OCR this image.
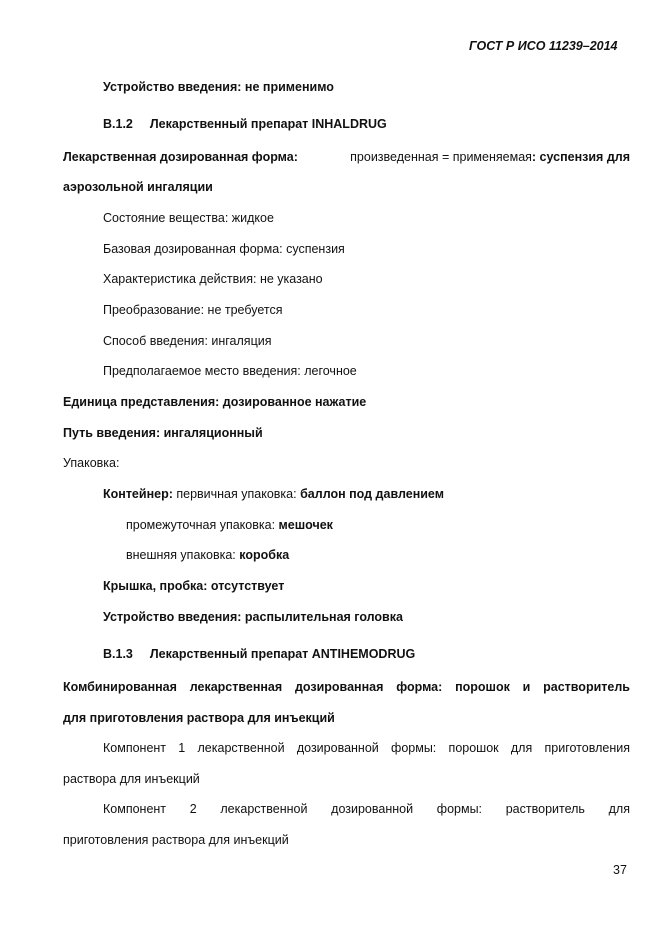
ГОСТ Р ИСО 11239–2014
Устройство введения: не применимо
B.1.2 Лекарственный препарат INHALDRUG
Лекарственная дозированная форма:	произведенная = применяемая: суспензия для
аэрозольной ингаляции
Состояние вещества: жидкое
Базовая дозированная форма: суспензия
Характеристика действия: не указано
Преобразование: не требуется
Способ введения: ингаляция
Предполагаемое место введения: легочное
Единица представления: дозированное нажатие
Путь введения: ингаляционный
Упаковка:
Контейнер: первичная упаковка: баллон под давлением
промежуточная упаковка: мешочек
внешняя упаковка: коробка
Крышка, пробка: отсутствует
Устройство введения: распылительная головка
B.1.3 Лекарственный препарат ANTIHEMODRUG
Комбинированная лекарственная дозированная форма: порошок и растворитель
для приготовления раствора для инъекций
Компонент 1 лекарственной дозированной формы: порошок для приготовления
раствора для инъекций
Компонент 2 лекарственной дозированной формы: растворитель для
приготовления раствора для инъекций
37
